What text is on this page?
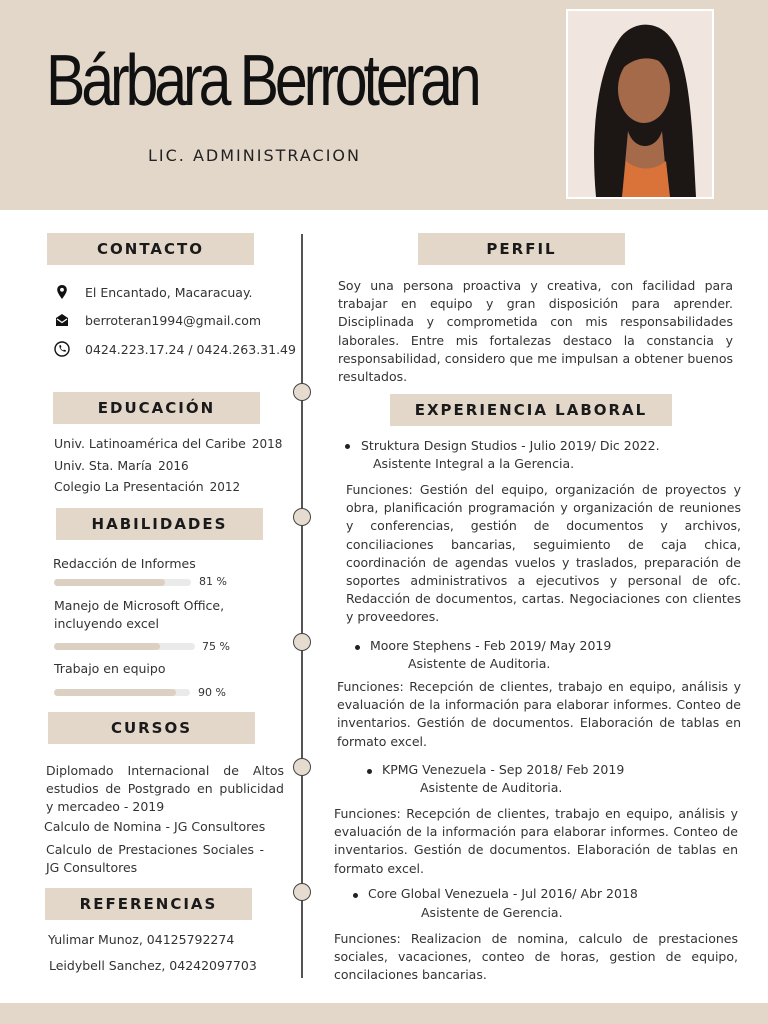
Bárbara Berroteran
LIC. ADMINISTRACION
CONTACTO
El Encantado, Macaracuay.
berroteran1994@gmail.com
0424.223.17.24 / 0424.263.31.49
EDUCACIÓN
Univ. Latinoamérica del Caribe 2018
Univ. Sta. María 2016
Colegio La Presentación 2012
HABILIDADES
Redacción de Informes
81 %
Manejo de Microsoft Office,
incluyendo excel
75 %
Trabajo en equipo
90 %
CURSOS
Diplomado Internacional de Altos estudios de Postgrado en publicidad y mercadeo - 2019
Calculo de Nomina - JG Consultores
Calculo de Prestaciones Sociales - JG Consultores
REFERENCIAS
Yulimar Munoz, 04125792274
Leidybell Sanchez, 04242097703
PERFIL
Soy una persona proactiva y creativa, con facilidad para trabajar en equipo y gran disposición para aprender. Disciplinada y comprometida con mis responsabilidades laborales. Entre mis fortalezas destaco la constancia y responsabilidad, considero que me impulsan a obtener buenos resultados.
EXPERIENCIA LABORAL
Struktura Design Studios - Julio 2019/ Dic 2022.
Asistente Integral a la Gerencia.
Funciones: Gestión del equipo, organización de proyectos y obra, planificación programación y organización de reuniones y conferencias, gestión de documentos y archivos, conciliaciones bancarias, seguimiento de caja chica, coordinación de agendas vuelos y traslados, preparación de soportes administrativos a ejecutivos y personal de ofc. Redacción de documentos, cartas. Negociaciones con clientes y proveedores.
Moore Stephens - Feb 2019/ May 2019
Asistente de Auditoria.
Funciones: Recepción de clientes, trabajo en equipo, análisis y evaluación de la información para elaborar informes. Conteo de inventarios. Gestión de documentos. Elaboración de tablas en formato excel.
KPMG Venezuela - Sep 2018/ Feb 2019
Asistente de Auditoria.
Funciones: Recepción de clientes, trabajo en equipo, análisis y evaluación de la información para elaborar informes. Conteo de inventarios. Gestión de documentos. Elaboración de tablas en formato excel.
Core Global Venezuela - Jul 2016/ Abr 2018
Asistente de Gerencia.
Funciones: Realizacion de nomina, calculo de prestaciones sociales, vacaciones, conteo de horas, gestion de equipo, concilaciones bancarias.
